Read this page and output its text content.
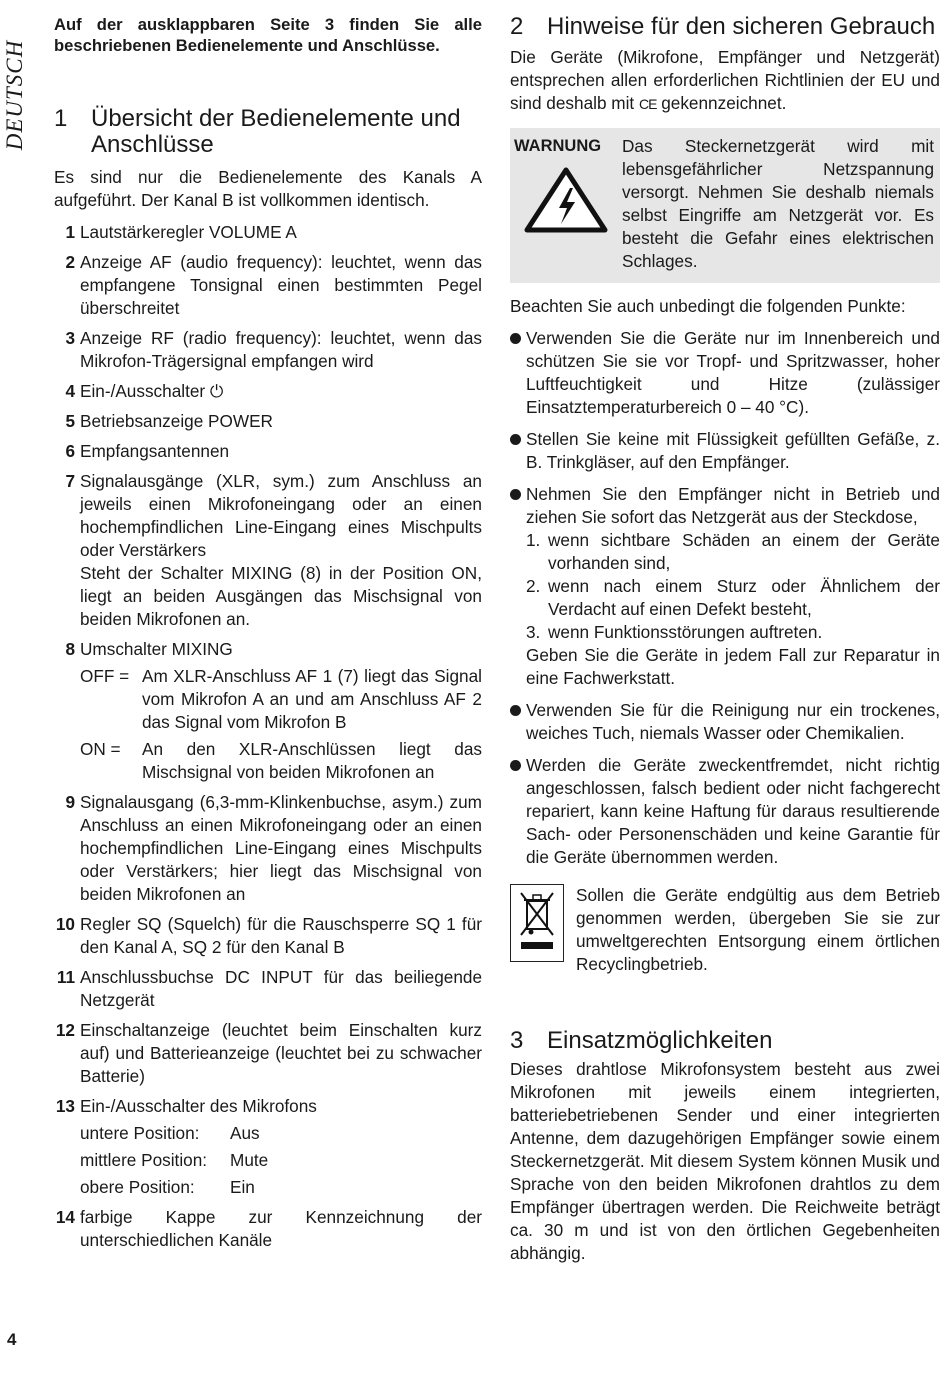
DEUTSCH
4

Auf der ausklappbaren Seite 3 finden Sie alle beschriebenen Bedienelemente und Anschlüsse.

1 Übersicht der Bedienelemente und Anschlüsse

Es sind nur die Bedienelemente des Kanals A aufgeführt. Der Kanal B ist vollkommen identisch.

1 Lautstärkeregler VOLUME A
2 Anzeige AF (audio frequency): leuchtet, wenn das empfangene Tonsignal einen bestimmten Pegel überschreitet
3 Anzeige RF (radio frequency): leuchtet, wenn das Mikrofon-Trägersignal empfangen wird
4 Ein-/Ausschalter ⏻
5 Betriebsanzeige POWER
6 Empfangsantennen
7 Signalausgänge (XLR, sym.) zum Anschluss an jeweils einen Mikrofoneingang oder an einen hochempfindlichen Line-Eingang eines Mischpults oder Verstärkers
Steht der Schalter MIXING (8) in der Position ON, liegt an beiden Ausgängen das Mischsignal von beiden Mikrofonen an.
8 Umschalter MIXING
OFF = Am XLR-Anschluss AF 1 (7) liegt das Signal vom Mikrofon A an und am Anschluss AF 2 das Signal vom Mikrofon B
ON =	An den XLR-Anschlüssen liegt das Mischsignal von beiden Mikrofonen an
9 Signalausgang (6,3-mm-Klinkenbuchse, asym.) zum Anschluss an einen Mikrofoneingang oder an einen hochempfindlichen Line-Eingang eines Mischpults oder Verstärkers; hier liegt das Mischsignal von beiden Mikrofonen an
10 Regler SQ (Squelch) für die Rauschsperre SQ 1 für den Kanal A, SQ 2 für den Kanal B
11 Anschlussbuchse DC INPUT für das beiliegende Netzgerät
12 Einschaltanzeige (leuchtet beim Einschalten kurz auf) und Batterieanzeige (leuchtet bei zu schwacher Batterie)
13 Ein-/Ausschalter des Mikrofons
untere Position:	Aus
mittlere Position:	Mute
obere Position:	Ein
14 farbige Kappe zur Kennzeichnung der unterschiedlichen Kanäle
2 Hinweise für den sicheren Gebrauch

Die Geräte (Mikrofone, Empfänger und Netzgerät) entsprechen allen erforderlichen Richtlinien der EU und sind deshalb mit CE gekennzeichnet.

WARNUNG	Das Steckernetzgerät wird mit lebensgefährlicher Netzspannung versorgt. Nehmen Sie deshalb niemals selbst Eingriffe am Netzgerät vor. Es besteht die Gefahr eines elektrischen Schlages.

Beachten Sie auch unbedingt die folgenden Punkte:

Verwenden Sie die Geräte nur im Innenbereich und schützen Sie sie vor Tropf- und Spritzwasser, hoher Luftfeuchtigkeit und Hitze (zulässiger Einsatztemperaturbereich 0 – 40 °C).
Stellen Sie keine mit Flüssigkeit gefüllten Gefäße, z. B. Trinkgläser, auf den Empfänger.
Nehmen Sie den Empfänger nicht in Betrieb und ziehen Sie sofort das Netzgerät aus der Steckdose,
1. wenn sichtbare Schäden an einem der Geräte vorhanden sind,
2. wenn nach einem Sturz oder Ähnlichem der Verdacht auf einen Defekt besteht,
3. wenn Funktionsstörungen auftreten.
Geben Sie die Geräte in jedem Fall zur Reparatur in eine Fachwerkstatt.
Verwenden Sie für die Reinigung nur ein trockenes, weiches Tuch, niemals Wasser oder Chemikalien.
Werden die Geräte zweckentfremdet, nicht richtig angeschlossen, falsch bedient oder nicht fachgerecht repariert, kann keine Haftung für daraus resultierende Sach- oder Personenschäden und keine Garantie für die Geräte übernommen werden.
Sollen die Geräte endgültig aus dem Betrieb genommen werden, übergeben Sie sie zur umweltgerechten Entsorgung einem örtlichen Recyclingbetrieb.
3 Einsatzmöglichkeiten

Dieses drahtlose Mikrofonsystem besteht aus zwei Mikrofonen mit jeweils einem integrierten, batteriebetriebenen Sender und einer integrierten Antenne, dem dazugehörigen Empfänger sowie einem Steckernetzgerät. Mit diesem System können Musik und Sprache von den beiden Mikrofonen drahtlos zu dem Empfänger übertragen werden. Die Reichweite beträgt ca. 30 m und ist von den örtlichen Gegebenheiten abhängig.
